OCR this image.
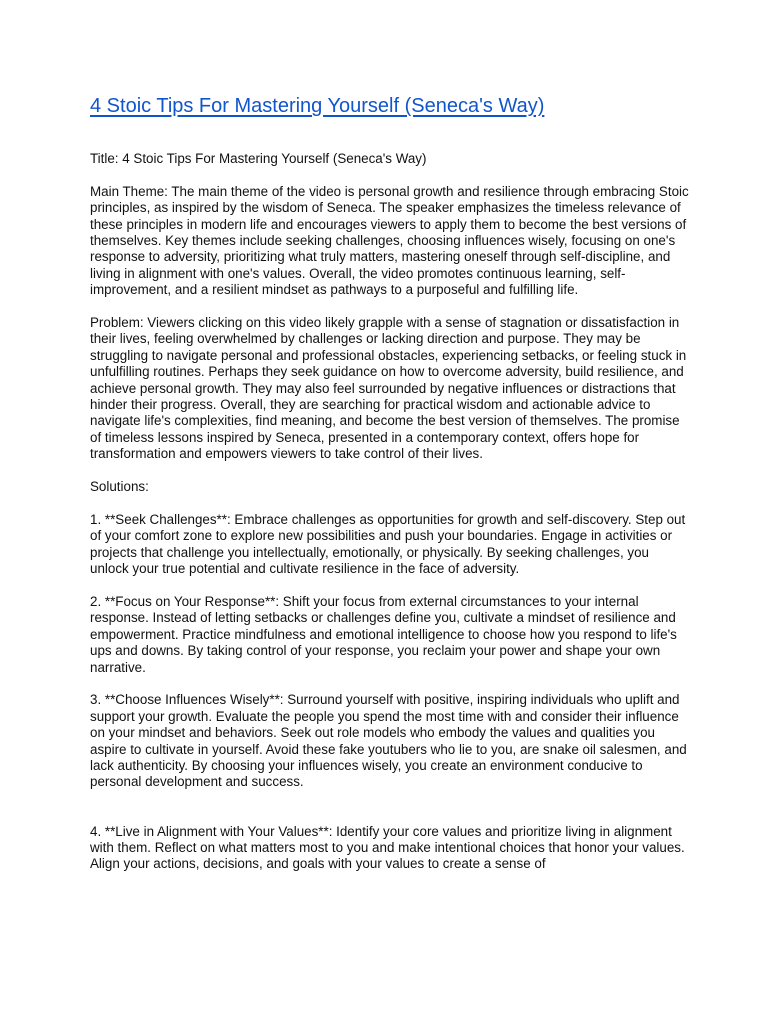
4 Stoic Tips For Mastering Yourself (Seneca's Way)

Title: 4 Stoic Tips For Mastering Yourself (Seneca's Way)

Main Theme: The main theme of the video is personal growth and resilience through embracing Stoic principles, as inspired by the wisdom of Seneca. The speaker emphasizes the timeless relevance of these principles in modern life and encourages viewers to apply them to become the best versions of themselves. Key themes include seeking challenges, choosing influences wisely, focusing on one's response to adversity, prioritizing what truly matters, mastering oneself through self-discipline, and living in alignment with one's values. Overall, the video promotes continuous learning, self-improvement, and a resilient mindset as pathways to a purposeful and fulfilling life.

Problem: Viewers clicking on this video likely grapple with a sense of stagnation or dissatisfaction in their lives, feeling overwhelmed by challenges or lacking direction and purpose. They may be struggling to navigate personal and professional obstacles, experiencing setbacks, or feeling stuck in unfulfilling routines. Perhaps they seek guidance on how to overcome adversity, build resilience, and achieve personal growth. They may also feel surrounded by negative influences or distractions that hinder their progress. Overall, they are searching for practical wisdom and actionable advice to navigate life's complexities, find meaning, and become the best version of themselves. The promise of timeless lessons inspired by Seneca, presented in a contemporary context, offers hope for transformation and empowers viewers to take control of their lives.

Solutions:

1. **Seek Challenges**: Embrace challenges as opportunities for growth and self-discovery. Step out of your comfort zone to explore new possibilities and push your boundaries. Engage in activities or projects that challenge you intellectually, emotionally, or physically. By seeking challenges, you unlock your true potential and cultivate resilience in the face of adversity.

2. **Focus on Your Response**: Shift your focus from external circumstances to your internal response. Instead of letting setbacks or challenges define you, cultivate a mindset of resilience and empowerment. Practice mindfulness and emotional intelligence to choose how you respond to life's ups and downs. By taking control of your response, you reclaim your power and shape your own narrative.

3. **Choose Influences Wisely**: Surround yourself with positive, inspiring individuals who uplift and support your growth. Evaluate the people you spend the most time with and consider their influence on your mindset and behaviors. Seek out role models who embody the values and qualities you aspire to cultivate in yourself. Avoid these fake youtubers who lie to you, are snake oil salesmen, and lack authenticity. By choosing your influences wisely, you create an environment conducive to personal development and success.

4. **Live in Alignment with Your Values**: Identify your core values and prioritize living in alignment with them. Reflect on what matters most to you and make intentional choices that honor your values. Align your actions, decisions, and goals with your values to create a sense of
